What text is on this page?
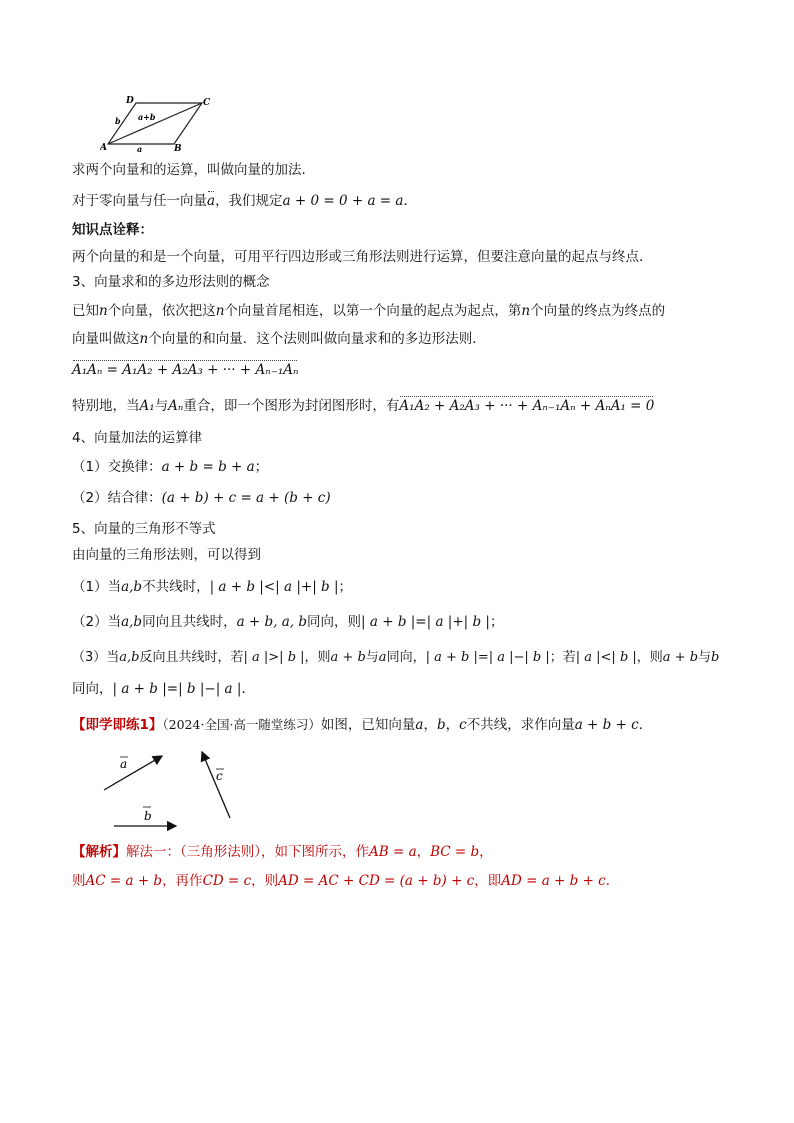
D	C
A	B
a
b a+b
求两个向量和的运算，叫做向量的加法．
对于零向量与任一向量a，我们规定a + 0 = 0 + a = a．
知识点诠释：
两个向量的和是一个向量，可用平行四边形或三角形法则进行运算，但要注意向量的起点与终点．
3、向量求和的多边形法则的概念
已知n个向量，依次把这n个向量首尾相连，以第一个向量的起点为起点，第n个向量的终点为终点的
向量叫做这n个向量的和向量．这个法则叫做向量求和的多边形法则．
A₁Aₙ = A₁A₂ + A₂A₃ + ··· + Aₙ₋₁Aₙ
特别地，当A₁与Aₙ重合，即一个图形为封闭图形时，有A₁A₂ + A₂A₃ + ··· + Aₙ₋₁Aₙ + AₙA₁ = 0
4、向量加法的运算律
（1）交换律：a + b = b + a；
（2）结合律：(a + b) + c = a + (b + c)
5、向量的三角形不等式
由向量的三角形法则，可以得到
（1）当a,b不共线时，| a + b |<| a |+| b |；
（2）当a,b同向且共线时，a + b, a, b同向，则| a + b |=| a |+| b |；
（3）当a,b反向且共线时，若| a |>| b |，则a + b与a同向，| a + b |=| a |−| b |；若| a |<| b |，则a + b与b
同向，| a + b |=| b |−| a |．
【即学即练1】（2024·全国·高一随堂练习）如图，已知向量a，b，c不共线，求作向量a + b + c．
a
c
b
【解析】解法一：（三角形法则），如下图所示，作AB = a，BC = b，
则AC = a + b，再作CD = c，则AD = AC + CD = (a + b) + c，即AD = a + b + c．
